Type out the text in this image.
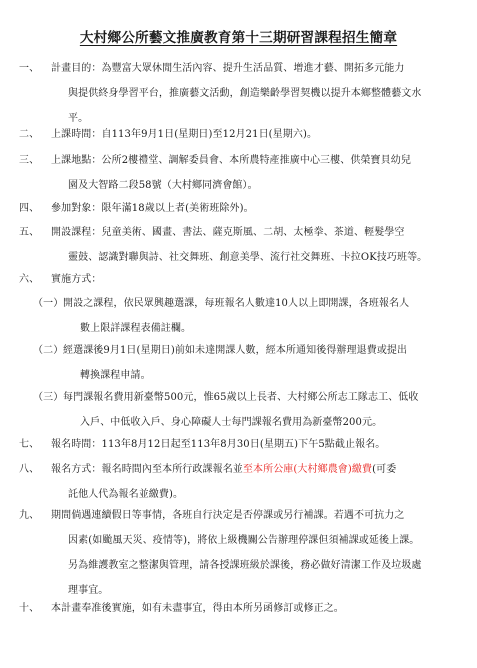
大村鄉公所藝文推廣教育第十三期研習課程招生簡章
一、 計畫目的：為豐富大眾休閒生活內容、提升生活品質、增進才藝、開拓多元能力
與提供終身學習平台，推廣藝文活動，創造樂齡學習契機以提升本鄉整體藝文水
平。
二、 上課時間：自113年9月1日(星期日)至12月21日(星期六)。
三、 上課地點：公所2樓禮堂、調解委員會、本所農特產推廣中心三樓、供榮寶貝幼兒
園及大智路二段58號（大村鄉同濟會館）。
四、 參加對象：限年滿18歲以上者(美術班除外)。
五、 開設課程：兒童美術、國畫、書法、薩克斯風、二胡、太極拳、茶道、輕髮學空
靈鼓、認識對聯與詩、社交舞班、創意美學、流行社交舞班、卡拉OK技巧班等。
六、 實施方式：
（一） 開設之課程，依民眾興趣選課，每班報名人數達10人以上即開課，各班報名人
數上限詳課程表備註欄。
（二） 經選課後9月1日(星期日)前如未達開課人數，經本所通知後得辦理退費或提出
轉換課程申請。
（三） 每門課報名費用新臺幣500元，惟65歲以上長者、大村鄉公所志工隊志工、低收
入戶、中低收入戶、身心障礙人士每門課報名費用為新臺幣200元。
七、 報名時間：113年8月12日起至113年8月30日(星期五)下午5點截止報名。
八、 報名方式：報名時間內至本所行政課報名並至本所公庫(大村鄉農會)繳費(可委
託他人代為報名並繳費)。
九、 期間倘遇連續假日等事情，各班自行決定是否停課或另行補課。若遇不可抗力之
因素(如颱風天災、疫情等)，將依上級機關公告辦理停課但須補課或延後上課。
另為維護教室之整潔與管理，請各授課班級於課後，務必做好清潔工作及垃圾處
理事宜。
十、 本計畫奉准後實施，如有未盡事宜，得由本所另函修訂或修正之。
